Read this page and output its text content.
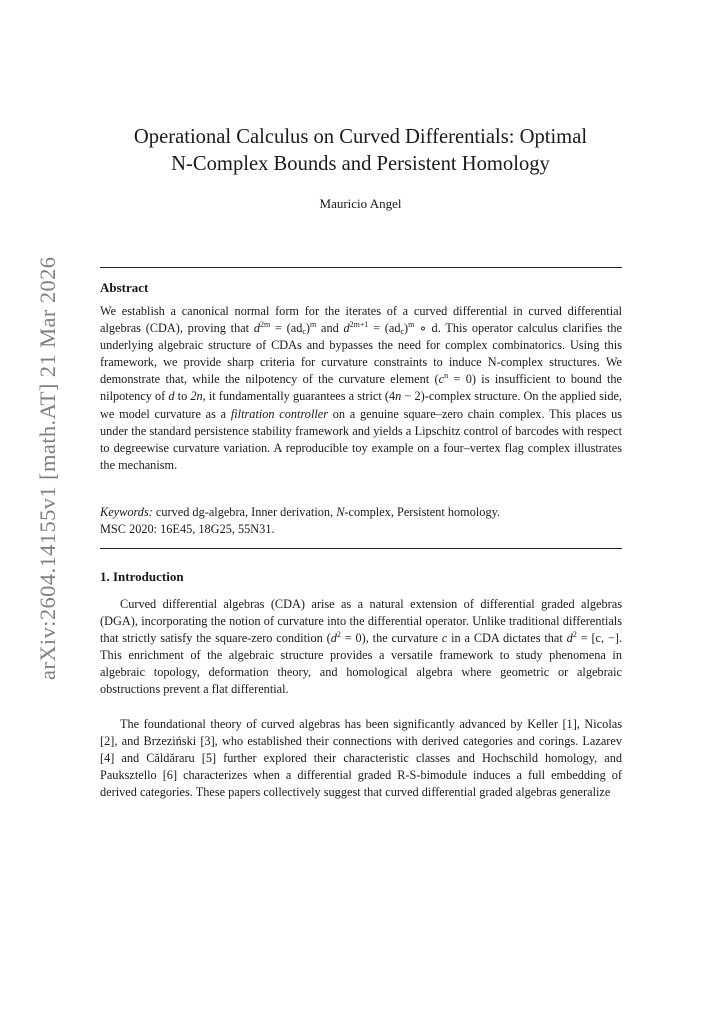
arXiv:2604.14155v1 [math.AT] 21 Mar 2026
Operational Calculus on Curved Differentials: Optimal
N-Complex Bounds and Persistent Homology
Mauricio Angel
Abstract
We establish a canonical normal form for the iterates of a curved differential in curved differential algebras (CDA), proving that $d^{2m} = (ad_c)^m$ and $d^{2m+1} = (ad_c)^m$ ∘ d. This operator calculus clarifies the underlying algebraic structure of CDAs and bypasses the need for complex combinatorics. Using this framework, we provide sharp criteria for curvature constraints to induce N-complex structures. We demonstrate that, while the nilpotency of the curvature element $(c^n = 0)$ is insufficient to bound the nilpotency of d to 2n, it fundamentally guarantees a strict (4n − 2)-complex structure. On the applied side, we model curvature as a filtration controller on a genuine square–zero chain complex. This places us under the standard persistence stability framework and yields a Lipschitz control of barcodes with respect to degreewise curvature variation. A reproducible toy example on a four–vertex flag complex illustrates the mechanism.
Keywords: curved dg-algebra, Inner derivation, N-complex, Persistent homology.
MSC 2020: 16E45, 18G25, 55N31.
1. Introduction
Curved differential algebras (CDA) arise as a natural extension of differential graded algebras (DGA), incorporating the notion of curvature into the differential operator. Unlike traditional differentials that strictly satisfy the square-zero condition $(d^2 = 0)$, the curvature c in a CDA dictates that $d^2 = [c$, −]. This enrichment of the algebraic structure provides a versatile framework to study phenomena in algebraic topology, deformation theory, and homological algebra where geometric or algebraic obstructions prevent a flat differential.
The foundational theory of curved algebras has been significantly advanced by Keller [1], Nicolas [2], and Brzeziński [3], who established their connections with derived categories and corings. Lazarev [4] and Căldăraru [5] further explored their characteristic classes and Hochschild homology, and Pauksztello [6] characterizes when a differential graded R-S-bimodule induces a full embedding of derived categories. These papers collectively suggest that curved differential graded algebras generalize
